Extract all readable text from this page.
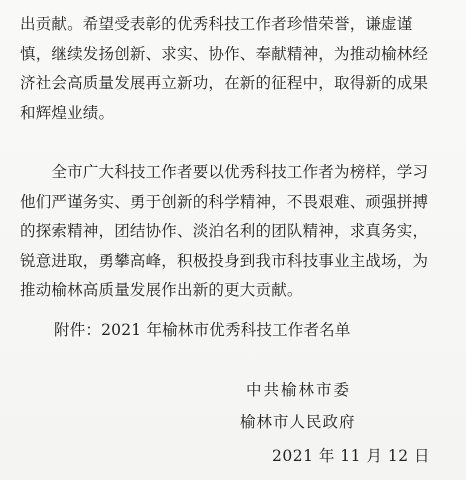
出贡献。希望受表彰的优秀科技工作者珍惜荣誉，谦虚谨
慎，继续发扬创新、求实、协作、奉献精神，为推动榆林经
济社会高质量发展再立新功，在新的征程中，取得新的成果
和辉煌业绩。
　　全市广大科技工作者要以优秀科技工作者为榜样，学习
他们严谨务实、勇于创新的科学精神，不畏艰难、顽强拼搏
的探索精神，团结协作、淡泊名利的团队精神，求真务实，
锐意进取，勇攀高峰，积极投身到我市科技事业主战场，为
推动榆林高质量发展作出新的更大贡献。
附件：2021 年榆林市优秀科技工作者名单
中共榆林市委
榆林市人民政府
2021 年 11 月 12 日
